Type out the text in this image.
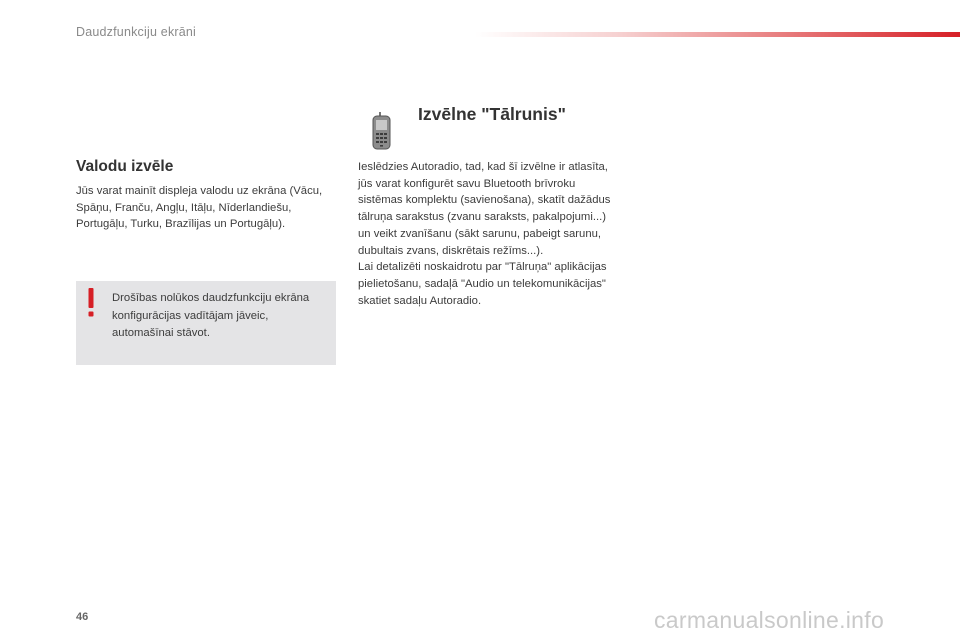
Daudzfunkciju ekrāni
Valodu izvēle
Jūs varat mainīt displeja valodu uz ekrāna (Vācu, Spāņu, Franču, Angļu, Itāļu, Nīderlandiešu, Portugāļu, Turku, Brazīlijas un Portugāļu).
Drošības nolūkos daudzfunkciju ekrāna konfigurācijas vadītājam jāveic, automašīnai stāvot.
Izvēlne "Tālrunis"
Ieslēdzies Autoradio, tad, kad šī izvēlne ir atlasīta, jūs varat konfigurēt savu Bluetooth brīvroku sistēmas komplektu (savienošana), skatīt dažādus tālruņa sarakstus (zvanu saraksts, pakalpojumi...) un veikt zvanīšanu (sākt sarunu, pabeigt sarunu, dubultais zvans, diskrētais režīms...).
Lai detalizēti noskaidrotu par "Tālruņa" aplikācijas pielietošanu, sadaļā "Audio un telekomunikācijas" skatiet sadaļu Autoradio.
46	carmanualsonline.info
